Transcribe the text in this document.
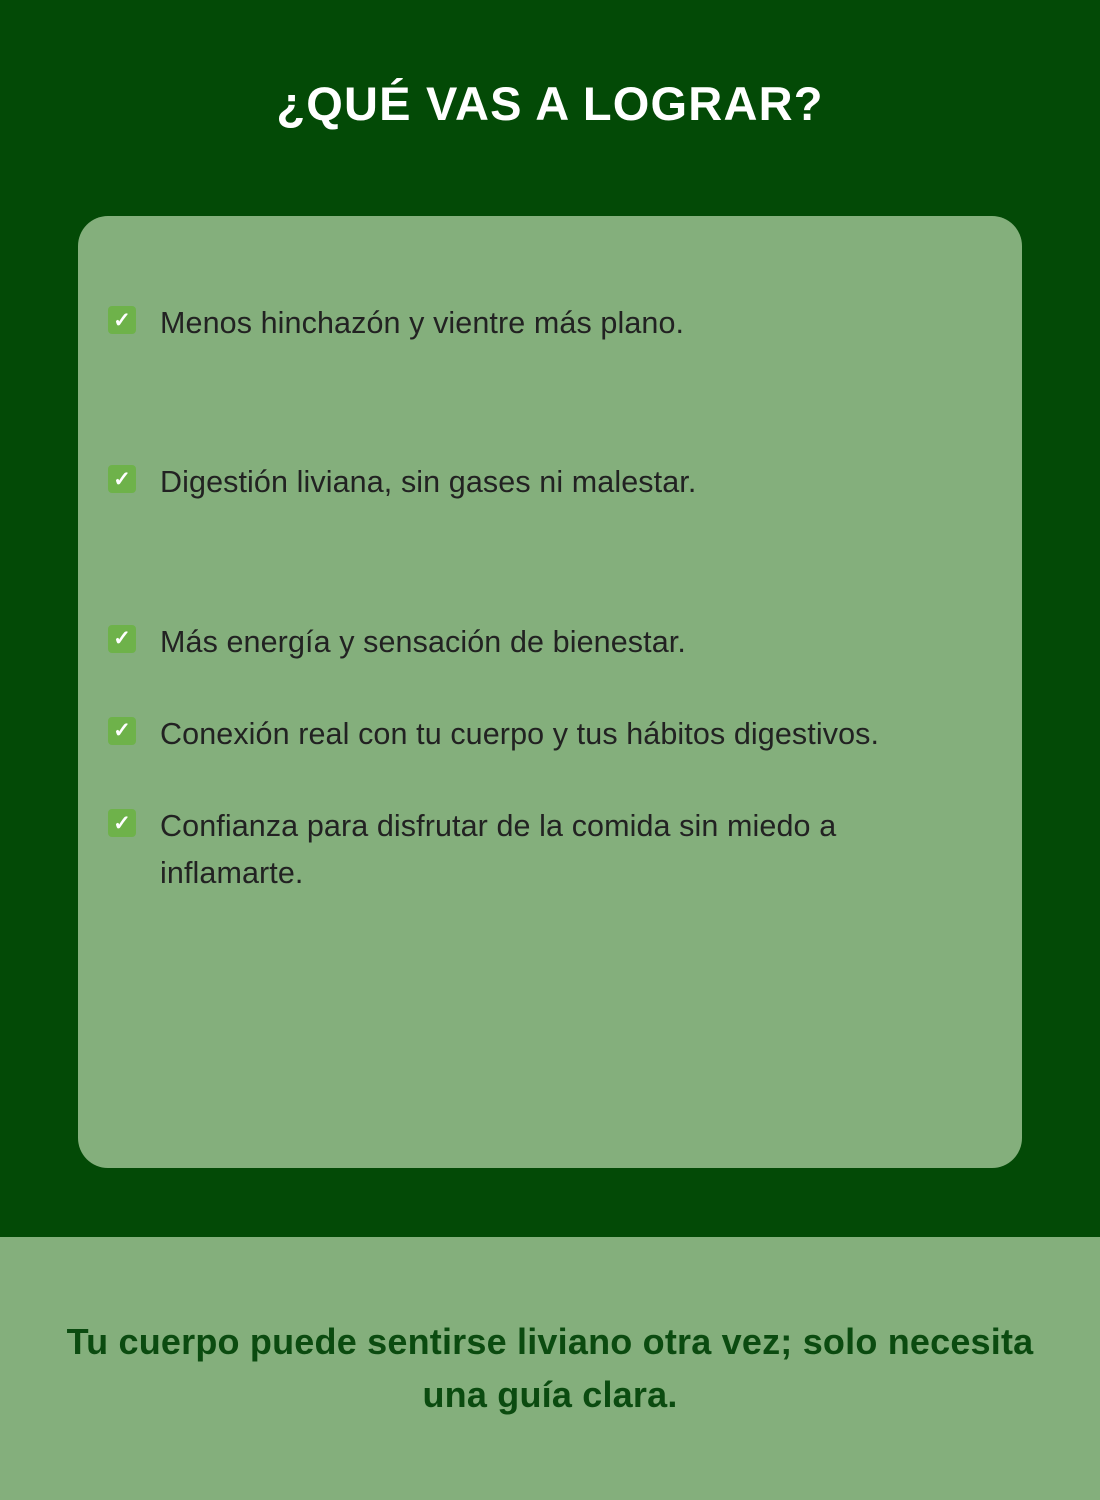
¿QUÉ VAS A LOGRAR?
✓ Menos hinchazón y vientre más plano.
✓ Digestión liviana, sin gases ni malestar.
✓ Más energía y sensación de bienestar.
✓ Conexión real con tu cuerpo y tus hábitos digestivos.
✓ Confianza para disfrutar de la comida sin miedo a inflamarte.

Tu cuerpo puede sentirse liviano otra vez; solo necesita una guía clara.
